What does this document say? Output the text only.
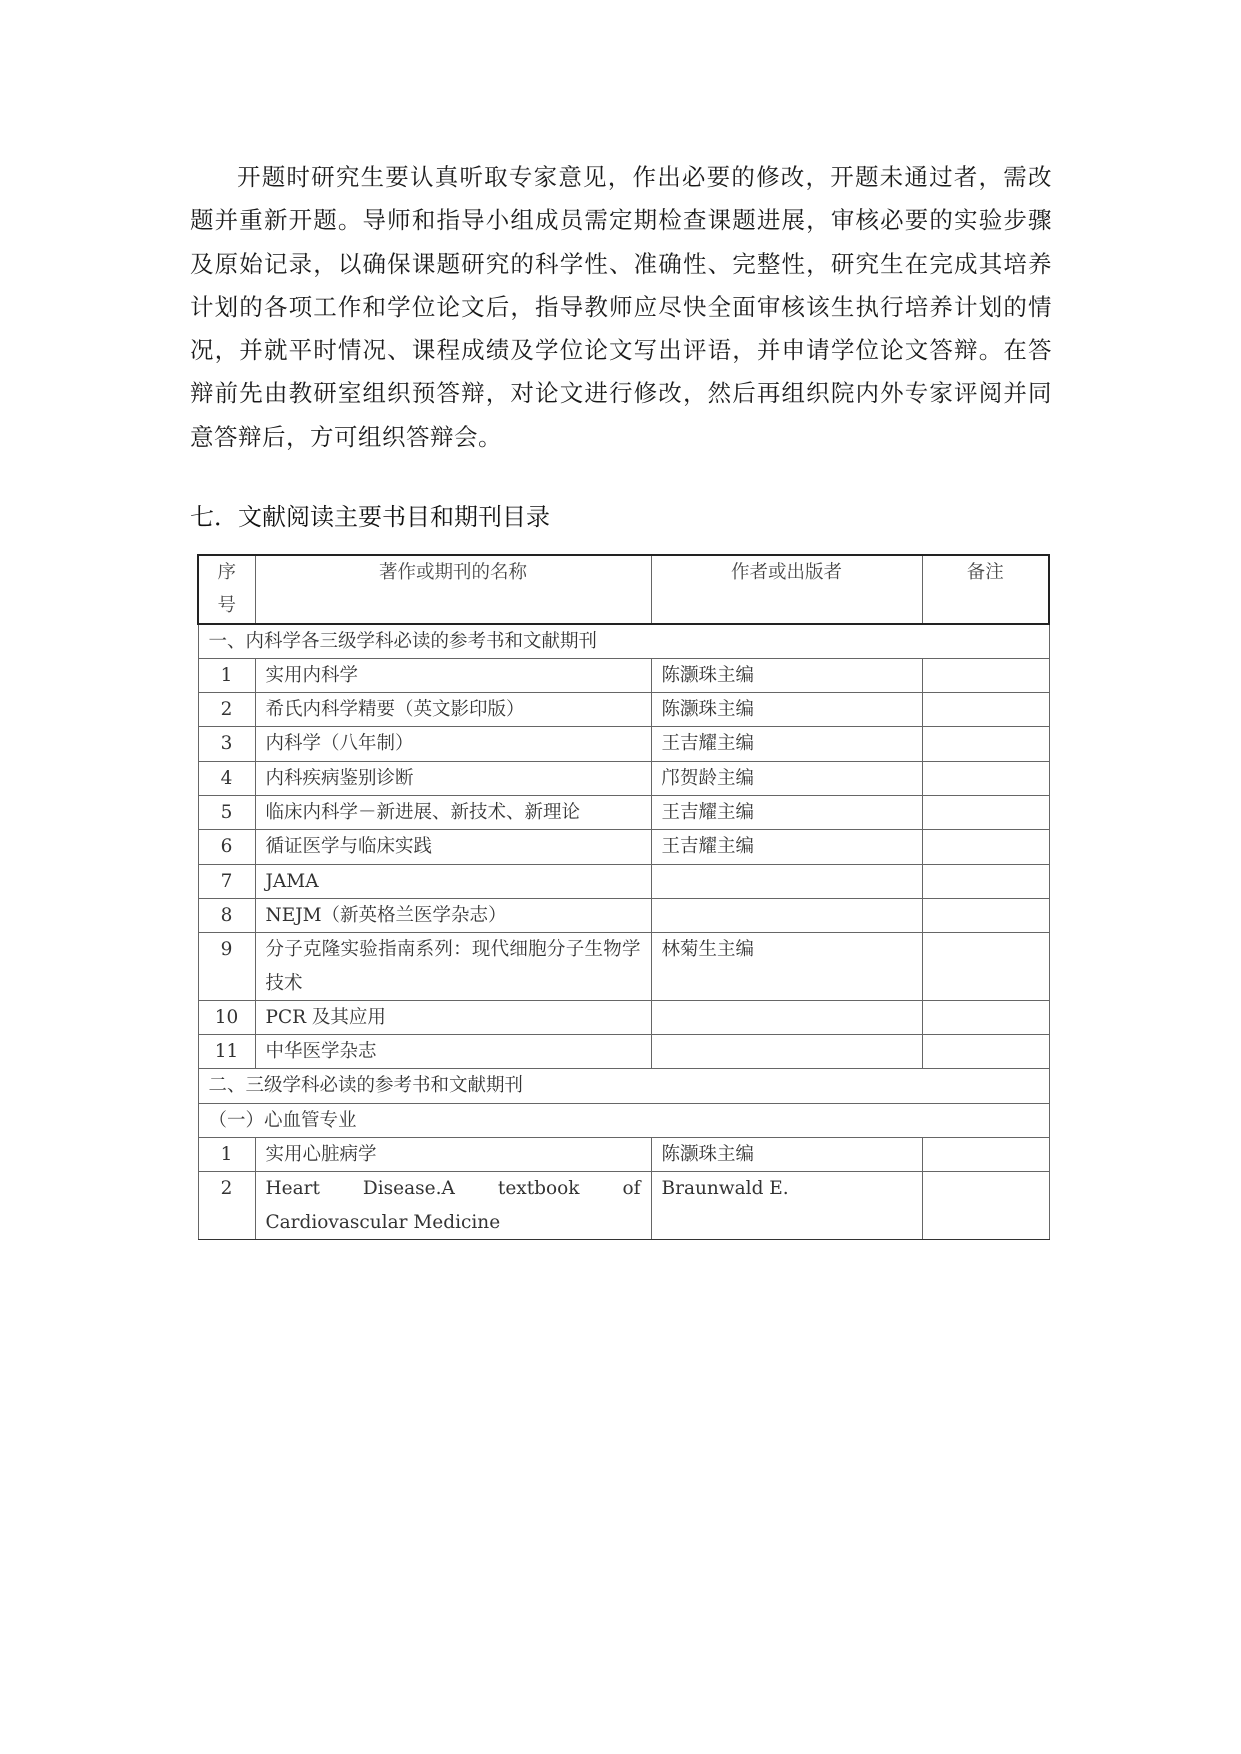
开题时研究生要认真听取专家意见，作出必要的修改，开题未通过者，需改题并重新开题。导师和指导小组成员需定期检查课题进展，审核必要的实验步骤及原始记录，以确保课题研究的科学性、准确性、完整性，研究生在完成其培养计划的各项工作和学位论文后，指导教师应尽快全面审核该生执行培养计划的情况，并就平时情况、课程成绩及学位论文写出评语，并申请学位论文答辩。在答辩前先由教研室组织预答辩，对论文进行修改，然后再组织院内外专家评阅并同意答辩后，方可组织答辩会。

七．文献阅读主要书目和期刊目录
序号	著作或期刊的名称	作者或出版者	备注
一、内科学各三级学科必读的参考书和文献期刊			
1	实用内科学	陈灏珠主编	
2	希氏内科学精要（英文影印版）	陈灏珠主编	
3	内科学（八年制）	王吉耀主编	
4	内科疾病鉴别诊断	邝贺龄主编	
5	临床内科学－新进展、新技术、新理论	王吉耀主编	
6	循证医学与临床实践	王吉耀主编	
7	JAMA		
8	NEJM（新英格兰医学杂志）		
9	分子克隆实验指南系列：现代细胞分子生物学技术	林菊生主编	
10	PCR 及其应用		
11	中华医学杂志		
二、三级学科必读的参考书和文献期刊			
（一）心血管专业			
1	实用心脏病学	陈灏珠主编	
2	Heart Disease.A textbook of Cardiovascular Medicine	Braunwald E.	
